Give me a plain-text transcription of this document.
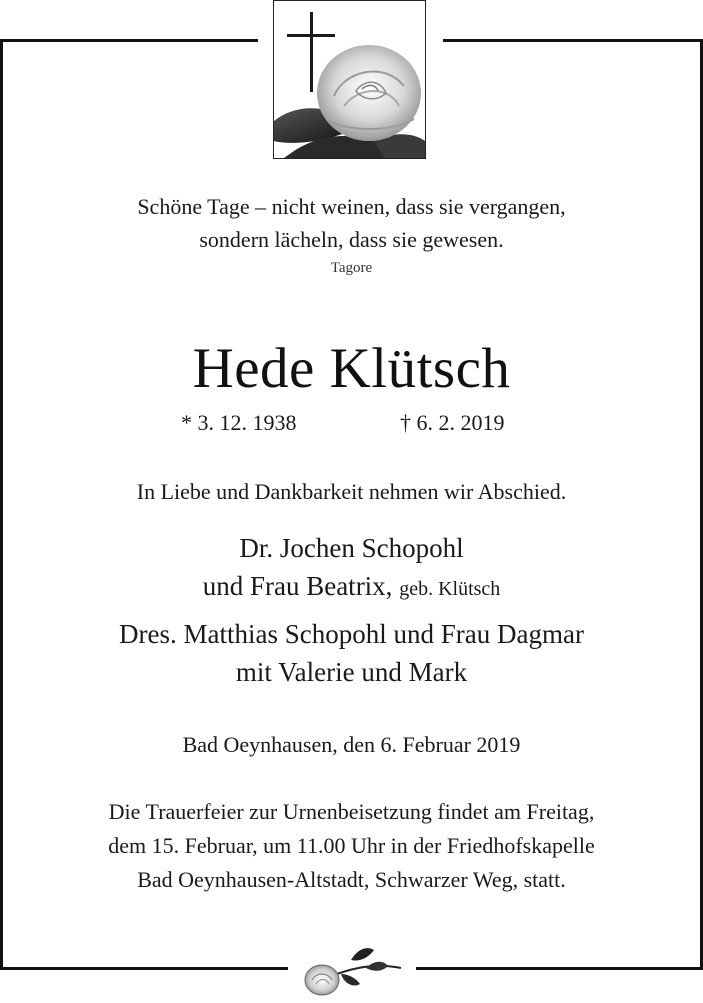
Schöne Tage – nicht weinen, dass sie vergangen,
sondern lächeln, dass sie gewesen.
Tagore
Hede Klütsch
* 3. 12. 1938	† 6. 2. 2019
In Liebe und Dankbarkeit nehmen wir Abschied.
Dr. Jochen Schopohl
und Frau Beatrix, geb. Klütsch
Dres. Matthias Schopohl und Frau Dagmar
mit Valerie und Mark
Bad Oeynhausen, den 6. Februar 2019
Die Trauerfeier zur Urnenbeisetzung findet am Freitag,
dem 15. Februar, um 11.00 Uhr in der Friedhofskapelle
Bad Oeynhausen-Altstadt, Schwarzer Weg, statt.
